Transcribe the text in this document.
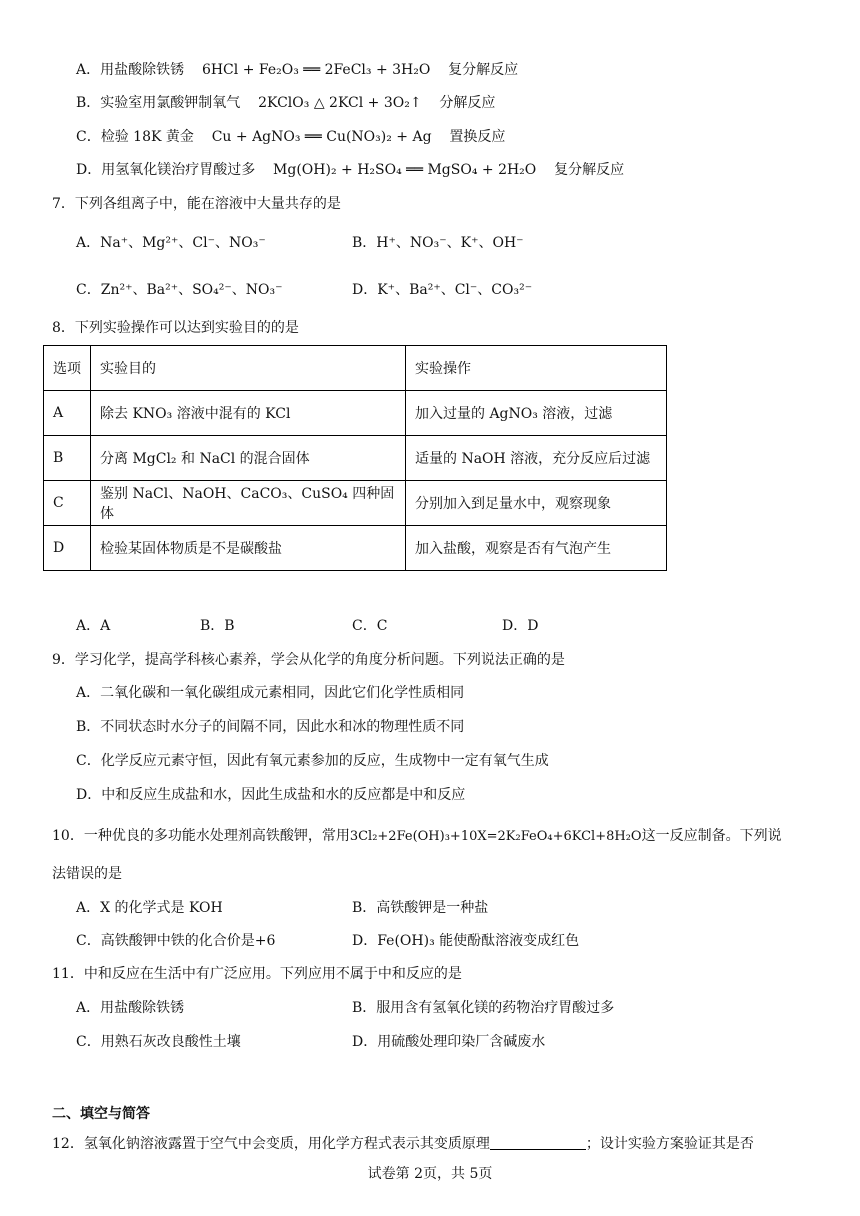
A．用盐酸除铁锈 6HCl + Fe₂O₃ ══ 2FeCl₃ + 3H₂O 复分解反应
B．实验室用氯酸钾制氧气 2KClO₃ △ 2KCl + 3O₂↑ 分解反应
C．检验 18K 黄金 Cu + AgNO₃ ══ Cu(NO₃)₂ + Ag 置换反应
D．用氢氧化镁治疗胃酸过多 Mg(OH)₂ + H₂SO₄ ══ MgSO₄ + 2H₂O 复分解反应
7．下列各组离子中，能在溶液中大量共存的是
A．Na⁺、Mg²⁺、Cl⁻、NO₃⁻	B．H⁺、NO₃⁻、K⁺、OH⁻
C．Zn²⁺、Ba²⁺、SO₄²⁻、NO₃⁻	D．K⁺、Ba²⁺、Cl⁻、CO₃²⁻
8．下列实验操作可以达到实验目的的是
选项	实验目的	实验操作
A	除去 KNO₃ 溶液中混有的 KCl	加入过量的 AgNO₃ 溶液，过滤
B	分离 MgCl₂ 和 NaCl 的混合固体	适量的 NaOH 溶液，充分反应后过滤
C	鉴别 NaCl、NaOH、CaCO₃、CuSO₄ 四种固体	分别加入到足量水中，观察现象
D	检验某固体物质是不是碳酸盐	加入盐酸，观察是否有气泡产生
A．A	B．B	C．C	D．D
9．学习化学，提高学科核心素养，学会从化学的角度分析问题。下列说法正确的是
A．二氧化碳和一氧化碳组成元素相同，因此它们化学性质相同
B．不同状态时水分子的间隔不同，因此水和冰的物理性质不同
C．化学反应元素守恒，因此有氧元素参加的反应，生成物中一定有氧气生成
D．中和反应生成盐和水，因此生成盐和水的反应都是中和反应
10．一种优良的多功能水处理剂高铁酸钾，常用3Cl₂+2Fe(OH)₃+10X=2K₂FeO₄+6KCl+8H₂O这一反应制备。下列说
法错误的是
A．X 的化学式是 KOH	B．高铁酸钾是一种盐
C．高铁酸钾中铁的化合价是+6	D．Fe(OH)₃ 能使酚酞溶液变成红色
11．中和反应在生活中有广泛应用。下列应用不属于中和反应的是
A．用盐酸除铁锈	B．服用含有氢氧化镁的药物治疗胃酸过多
C．用熟石灰改良酸性土壤	D．用硫酸处理印染厂含碱废水
二、填空与简答
12．氢氧化钠溶液露置于空气中会变质，用化学方程式表示其变质原理	；设计实验方案验证其是否
试卷第 2页，共 5页
